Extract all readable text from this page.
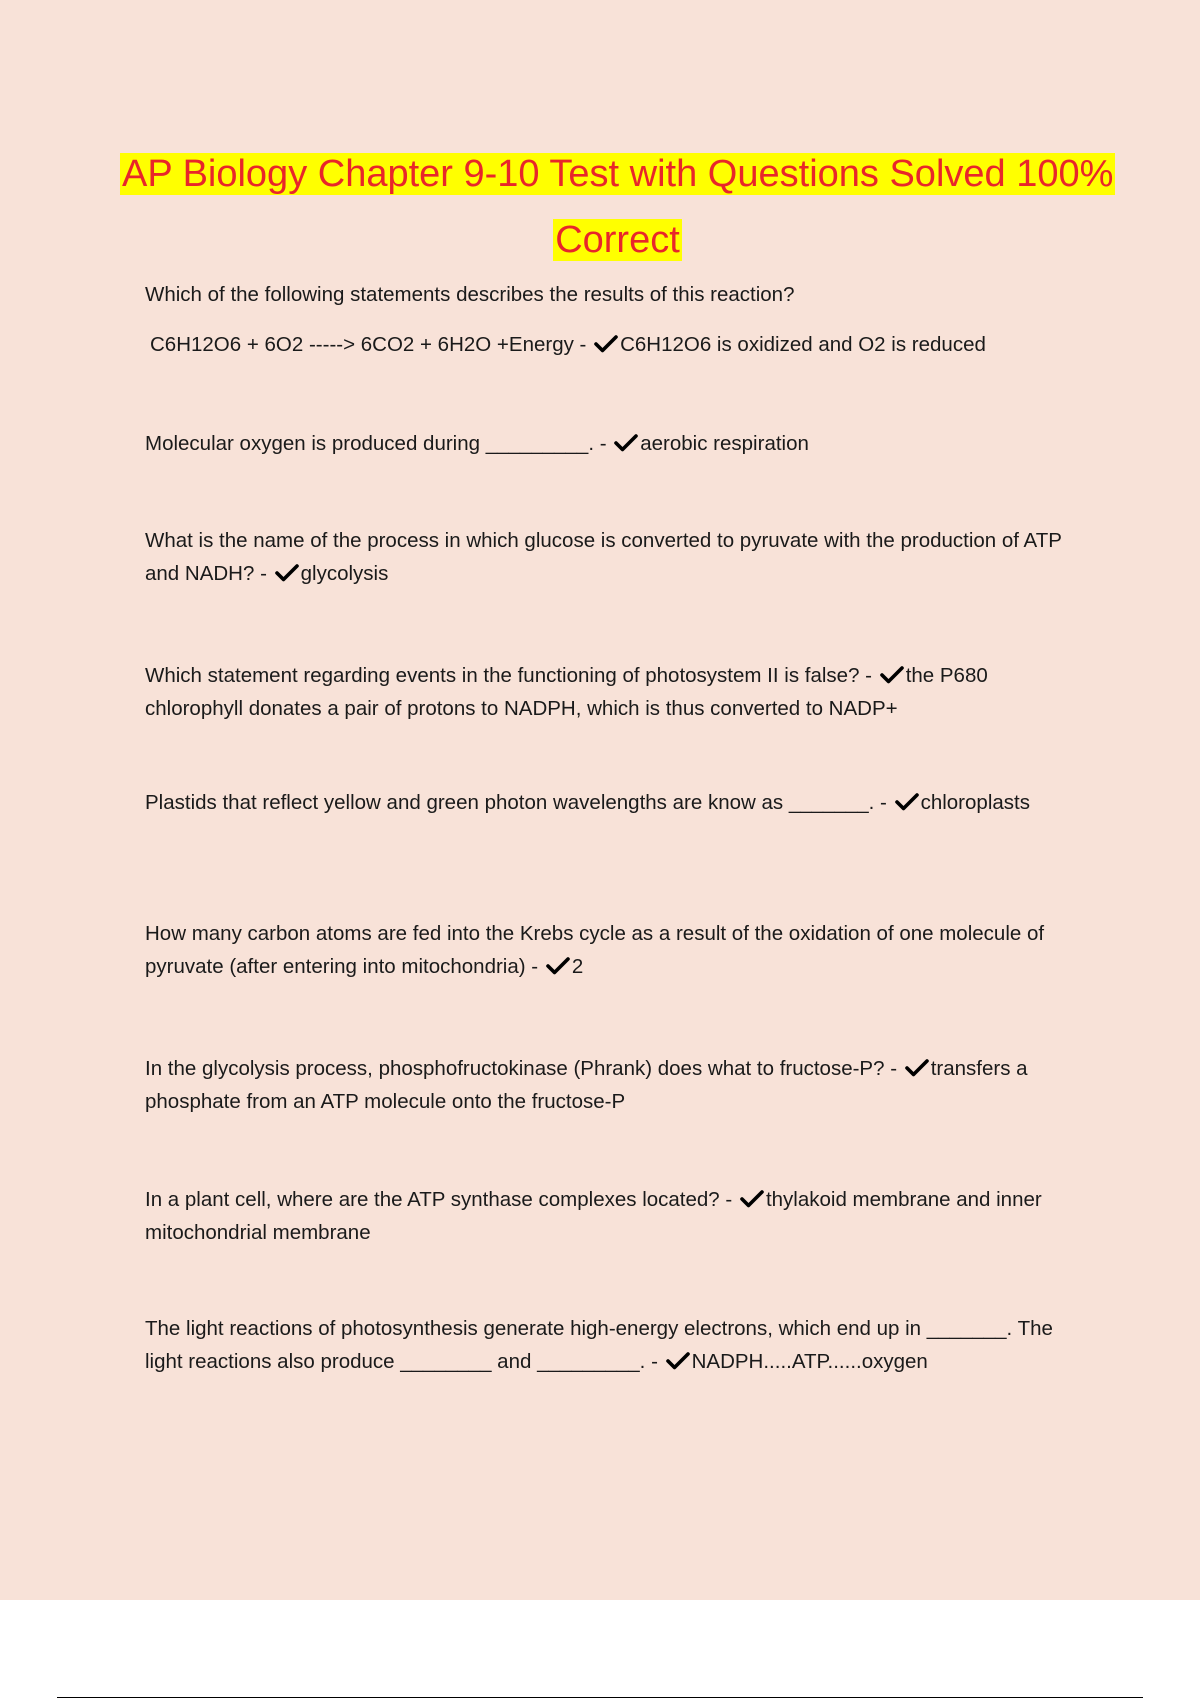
AP Biology Chapter 9-10 Test with Questions Solved 100% Correct

Which of the following statements describes the results of this reaction?

C6H12O6 + 6O2 -----> 6CO2 + 6H2O +Energy -
C6H12O6 is oxidized and O2 is reduced

Molecular oxygen is produced during _________. -
aerobic respiration

What is the name of the process in which glucose is converted to pyruvate with the production of ATP and NADH? -
glycolysis

Which statement regarding events in the functioning of photosystem II is false? -
the P680 chlorophyll donates a pair of protons to NADPH, which is thus converted to NADP+

Plastids that reflect yellow and green photon wavelengths are know as _______. -
chloroplasts

How many carbon atoms are fed into the Krebs cycle as a result of the oxidation of one molecule of pyruvate (after entering into mitochondria) -
2

In the glycolysis process, phosphofructokinase (Phrank) does what to fructose-P? -
transfers a phosphate from an ATP molecule onto the fructose-P

In a plant cell, where are the ATP synthase complexes located? -
thylakoid membrane and inner mitochondrial membrane

The light reactions of photosynthesis generate high-energy electrons, which end up in _______. The light reactions also produce ________ and _________. -
NADPH.....ATP......oxygen
